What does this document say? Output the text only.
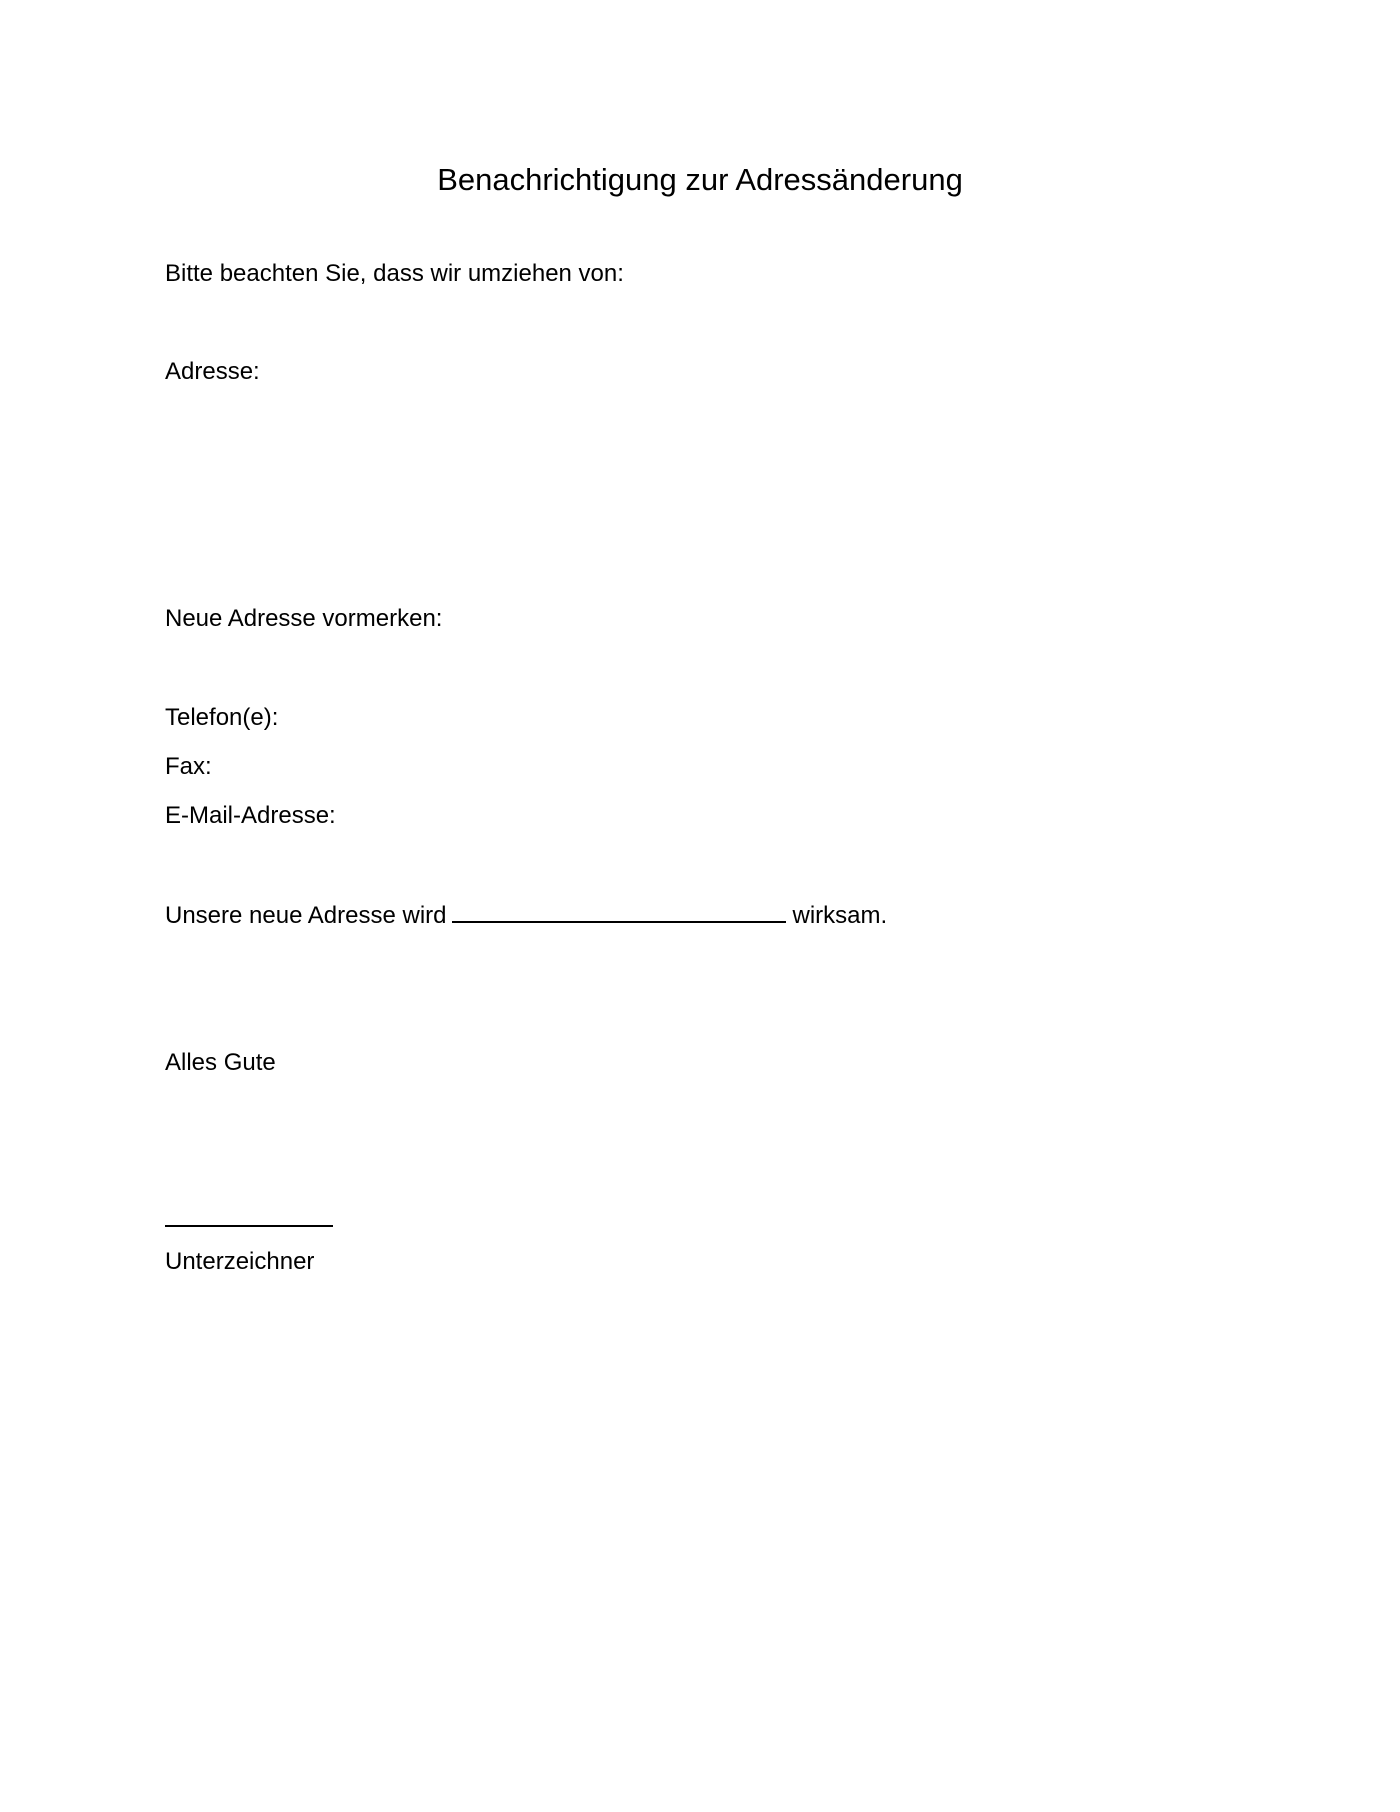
Benachrichtigung zur Adressänderung
Bitte beachten Sie, dass wir umziehen von:
Adresse:
Neue Adresse vormerken:
Telefon(e):
Fax:
E-Mail-Adresse:
Unsere neue Adresse wird	wirksam.
Alles Gute
Unterzeichner
